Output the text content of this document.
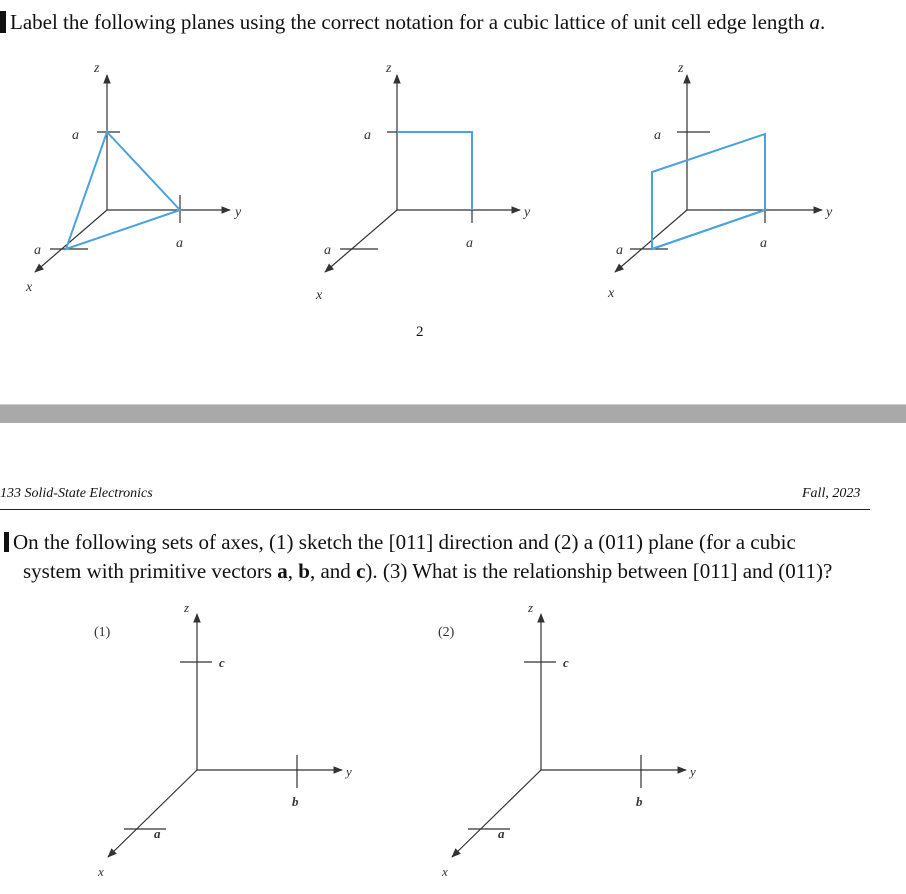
Label the following planes using the correct notation for a cubic lattice of unit cell edge length a.
z
y
x
a
a
a
z
y
x
a
a
a
z
y
x
a
a
a
2
133 Solid-State Electronics	Fall, 2023
On the following sets of axes, (1) sketch the [011] direction and (2) a (011) plane (for a cubic
system with primitive vectors a, b, and c). (3) What is the relationship between [011] and (011)?
(1)
z
y
x
c
b
a
(2)
z
y
x
c
b
a
